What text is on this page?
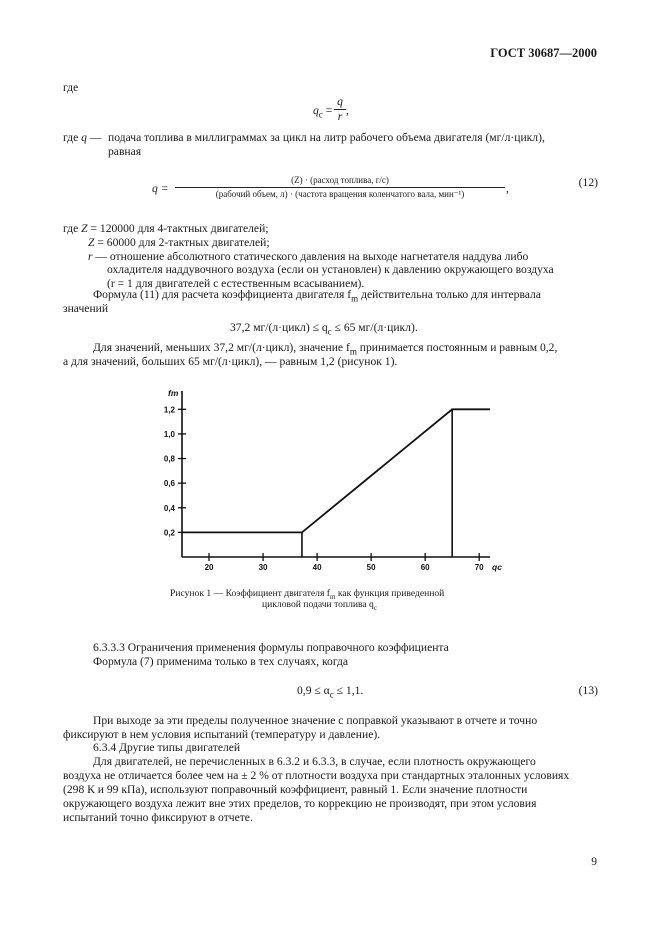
ГОСТ 30687—2000
где
$q_c$ =
q
r ,
где q — подача топлива в миллиграммах за цикл на литр рабочего объема двигателя (мг/л·цикл),
равная
q =
(Z) · (расход топлива, г/с)
(рабочий объем, л) · (частота вращения коленчатого вала, мин⁻¹)	,	(12)
где Z = 120000 для 4-тактных двигателей;
Z = 60000 для 2-тактных двигателей;
r — отношение абсолютного статического давления на выходе нагнетателя наддува либо
охладителя наддувочного воздуха (если он установлен) к давлению окружающего воздуха
(r = 1 для двигателей с естественным всасыванием).
Формула (11) для расчета коэффициента двигателя $f_m$ действительна только для интервала
значений
37,2 мг/(л·цикл) ≤ $q_c \le 65$ мг/(л·цикл).
Для значений, меньших 37,2 мг/(л·цикл), значение $f_m$ принимается постоянным и равным 0,2,
а для значений, больших 65 мг/(л·цикл), — равным 1,2 (рисунок 1).
0,2
0,4
0,6
0,8
1,0
1,2
20	30	40	50	60	70
fm
qc
Рисунок 1 — Коэффициент двигателя $f_m$ как функция приведенной
цикловой подачи топлива $q_c$
6.3.3.3 Ограничения применения формулы поправочного коэффициента
Формула (7) применима только в тех случаях, когда
$0,9 \le \alpha_c \le 1,1$.	(13)
При выходе за эти пределы полученное значение с поправкой указывают в отчете и точно
фиксируют в нем условия испытаний (температуру и давление).
6.3.4 Другие типы двигателей
Для двигателей, не перечисленных в 6.3.2 и 6.3.3, в случае, если плотность окружающего
воздуха не отличается более чем на ± 2 % от плотности воздуха при стандартных эталонных условиях
(298 К и 99 кПа), используют поправочный коэффициент, равный 1. Если значение плотности
окружающего воздуха лежит вне этих пределов, то коррекцию не производят, при этом условия
испытаний точно фиксируют в отчете.
9
